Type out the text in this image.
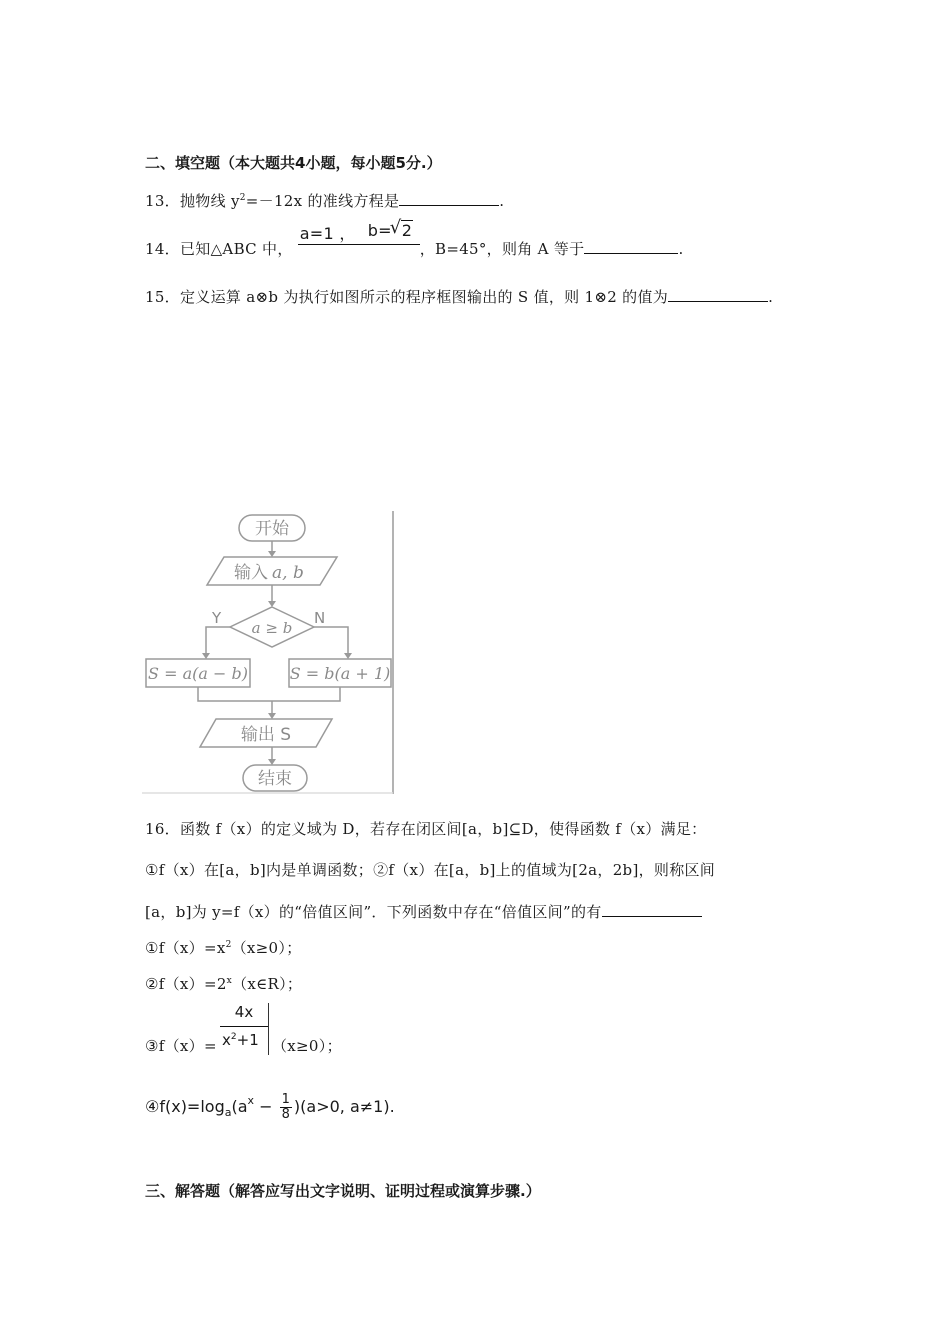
二、填空题（本大题共4小题，每小题5分.）
13．抛物线 $y^2=-12x$ 的准线方程是	.
14．已知△ABC 中，
a=1 ， b=
√ 2
，B=45°，则角 A 等于	.
15．定义运算 a⊗b 为执行如图所示的程序框图输出的 S 值，则 1⊗2 的值为	.
开始
输入 a, b
a ≥ b
Y	N
S = a(a − b)	S = b(a + 1)
输出 S
结束
16．函数 f（x）的定义域为 D，若存在闭区间[a，b]⊆D，使得函数 f（x）满足：
①f（x）在[a，b]内是单调函数；②f（x）在[a，b]上的值域为[2a，2b]，则称区间
[a，b]为 y=f（x）的“倍值区间”．下列函数中存在“倍值区间”的有
$①f(x)=x^2(x\ge 0)$；
$②f(x)=2^x(x\in R)$；
③f（x）=
4x
$x^2+1$ （x≥0）；
$④f(x)=\log_a(a^x - \frac{1}{8} )(a>0$, a≠1).
三、解答题（解答应写出文字说明、证明过程或演算步骤.）
